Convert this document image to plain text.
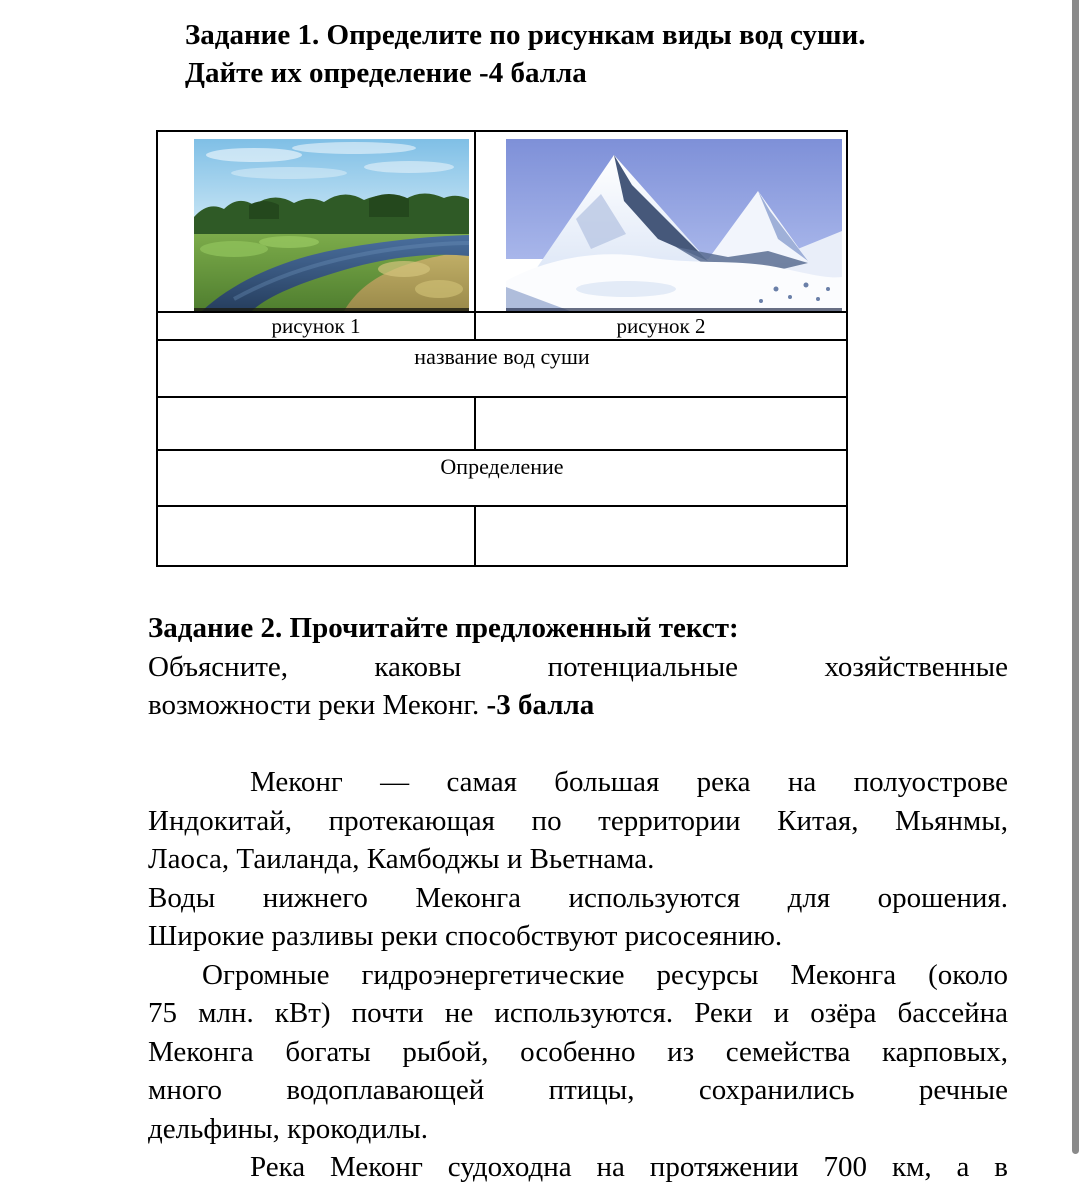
Задание 1. Определите по рисункам виды вод суши.
Дайте их определение -4 балла
рисунок 1	рисунок 2
название вод суши
Определение
Задание 2. Прочитайте предложенный текст:
Объясните, каковы потенциальные хозяйственные
возможности реки Меконг. -3 балла
Меконг — самая большая река на полуострове
Индокитай, протекающая по территории Китая, Мьянмы,
Лаоса, Таиланда, Камбоджы и Вьетнама.
Воды нижнего Меконга используются для орошения.
Широкие разливы реки способствуют рисосеянию.
Огромные гидроэнергетические ресурсы Меконга (около
75 млн. кВт) почти не используются. Реки и озёра бассейна
Меконга богаты рыбой, особенно из семейства карповых,
много водоплавающей птицы, сохранились речные
дельфины, крокодилы.
Река Меконг судоходна на протяжении 700 км, а в
